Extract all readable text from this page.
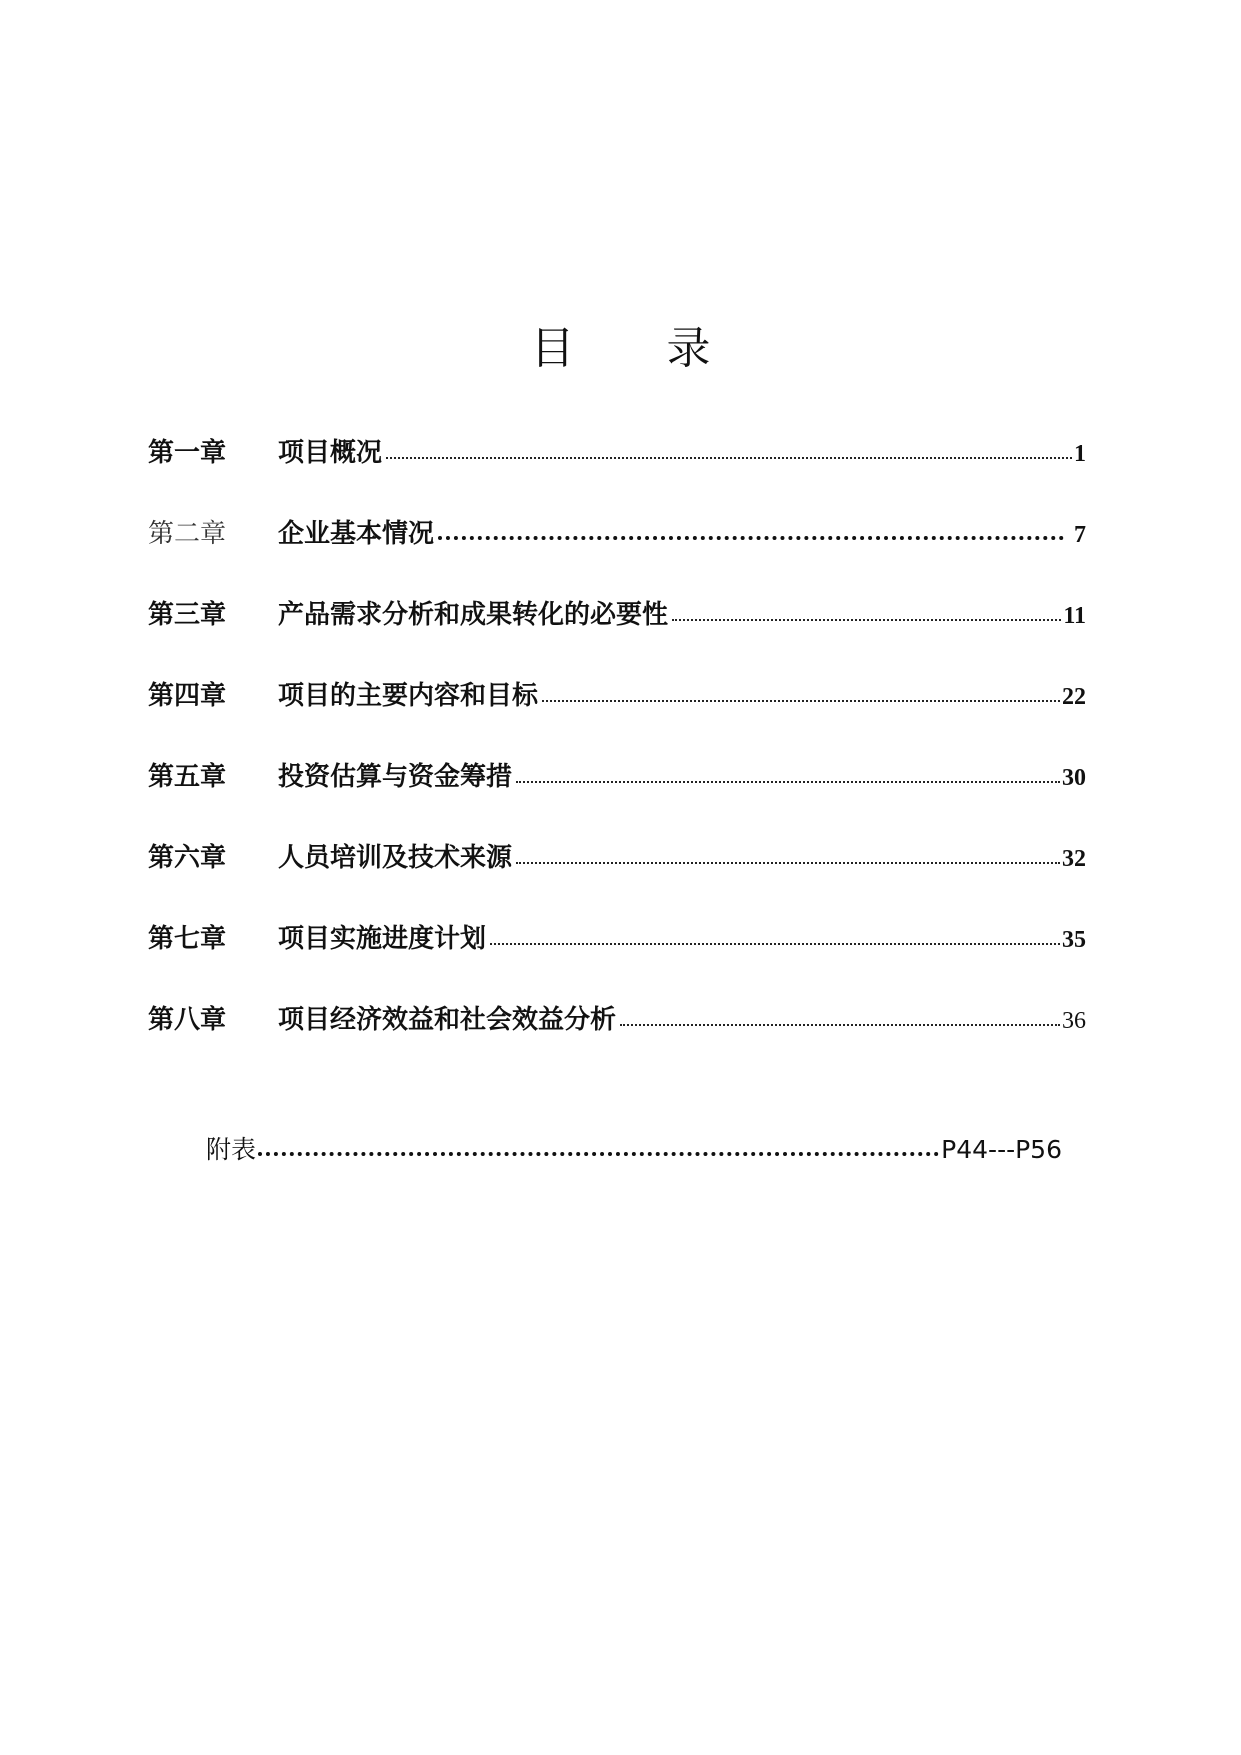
目 录
第一章	项目概况	1
第二章	企业基本情况	7
第三章	产品需求分析和成果转化的必要性	11
第四章	项目的主要内容和目标	22
第五章	投资估算与资金筹措	30
第六章	人员培训及技术来源	32
第七章	项目实施进度计划	35
第八章	项目经济效益和社会效益分析	36
附表	P44---P56
